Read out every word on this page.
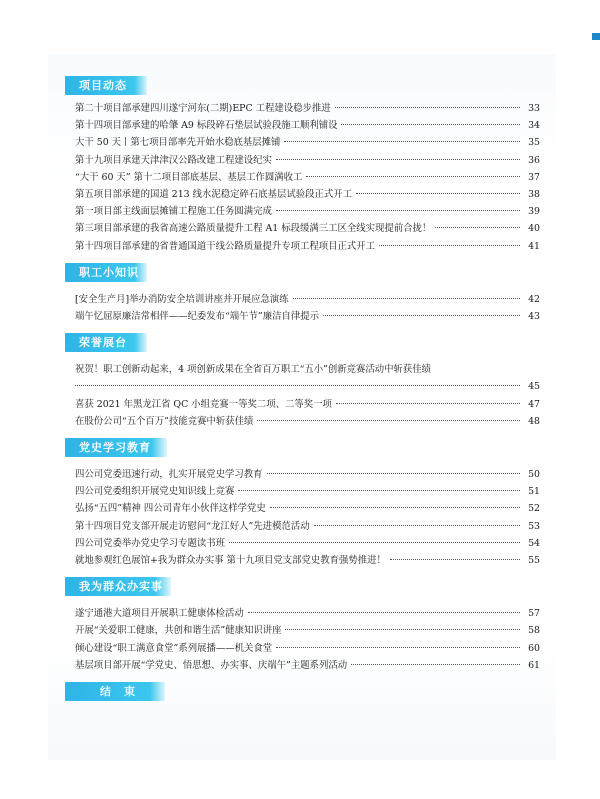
项目动态
第二十项目部承建四川遂宁河东(二期)EPC 工程建设稳步推进	33
第十四项目部承建的哈肇 A9 标段碎石垫层试验段施工顺利铺设	34
大干 50 天丨第七项目部率先开始水稳底基层摊铺	35
第十九项目承建天津津汉公路改建工程建设纪实	36
“大干 60 天” 第十二项目部底基层、基层工作圆满收工	37
第五项目部承建的国道 213 线水泥稳定碎石底基层试验段正式开工	38
第一项目部主线面层摊铺工程施工任务圆满完成	39
第三项目部承建的我省高速公路质量提升工程 A1 标段缓满三工区全线实现提前合拢！	40
第十四项目部承建的省普通国道干线公路质量提升专项工程项目正式开工	41
职工小知识
[安全生产月]举办消防安全培训讲座并开展应急演练	42
端午忆屈原廉洁常相伴——纪委发布“端午节”廉洁自律提示	43
荣誉展台
祝贺！职工创新动起来，4 项创新成果在全省百万职工“五小”创新竞赛活动中斩获佳绩
45
喜获 2021 年黑龙江省 QC 小组竞赛一等奖二项、二等奖一项	47
在股份公司“五个百万”技能竞赛中斩获佳绩	48
党史学习教育
四公司党委迅速行动，扎实开展党史学习教育	50
四公司党委组织开展党史知识线上竞赛	51
弘扬“五四”精神 四公司青年小伙伴这样学党史	52
第十四项目党支部开展走访慰问“龙江好人”先进模范活动	53
四公司党委举办党史学习专题读书班	54
就地参观红色展馆+我为群众办实事 第十九项目党支部党史教育强势推进！	55
我为群众办实事
遂宁通港大道项目开展职工健康体检活动	57
开展“关爱职工健康，共创和谐生活”健康知识讲座	58
倾心建设“职工满意食堂”系列展播——机关食堂	60
基层项目部开展“学党史、悟思想、办实事、庆端午”主题系列活动	61
结　束
